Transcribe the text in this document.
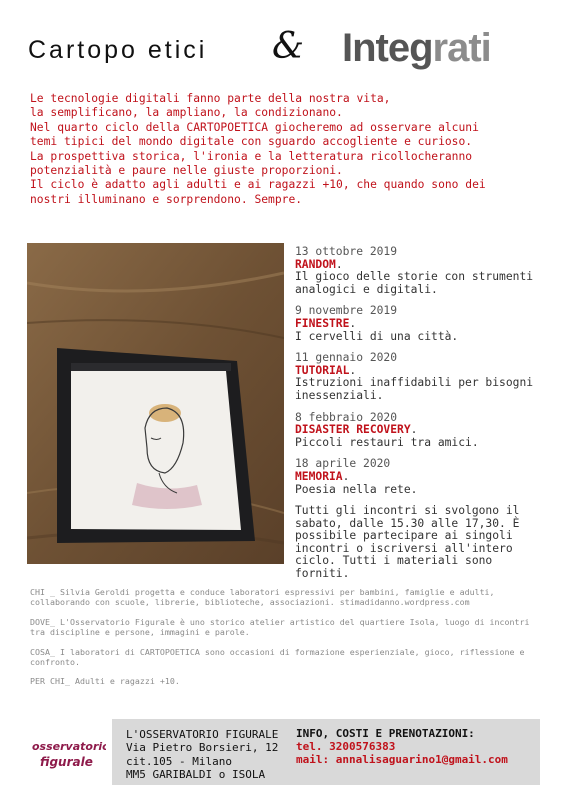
Cartopo etici & Integrati

Le tecnologie digitali fanno parte della nostra vita,

la semplificano, la ampliano, la condizionano.

Nel quarto ciclo della CARTOPOETICA giocheremo ad osservare alcuni

temi tipici del mondo digitale con sguardo accogliente e curioso.

La prospettiva storica, l'ironia e la letteratura ricollocheranno

potenzialità e paure nelle giuste proporzioni.

Il ciclo è adatto agli adulti e ai ragazzi +10, che quando sono dei

nostri illuminano e sorprendono. Sempre.

13 ottobre 2019
RANDOM.
Il gioco delle storie con strumenti analogici e digitali.
9 novembre 2019
FINESTRE.
I cervelli di una città.
11 gennaio 2020
TUTORIAL.
Istruzioni inaffidabili per bisogni inessenziali.
8 febbraio 2020
DISASTER RECOVERY.
Piccoli restauri tra amici.
18 aprile 2020
MEMORIA.
Poesia nella rete.
Tutti gli incontri si svolgono il sabato, dalle 15.30 alle 17,30. È possibile partecipare ai singoli incontri o iscriversi all'intero ciclo. Tutti i materiali sono forniti.

CHI _ Silvia Geroldi progetta e conduce laboratori espressivi per bambini, famiglie e adulti, collaborando con scuole, librerie, biblioteche, associazioni. stimadidanno.wordpress.com

DOVE_ L'Osservatorio Figurale è uno storico atelier artistico del quartiere Isola, luogo di incontri tra discipline e persone, immagini e parole.

COSA_ I laboratori di CARTOPOETICA sono occasioni di formazione esperienziale, gioco, riflessione e confronto.

PER CHI_ Adulti e ragazzi +10.

osservatorio
figurale
L'OSSERVATORIO FIGURALE
Via Pietro Borsieri, 12
cit.105 - Milano
MM5 GARIBALDI o ISOLA
INFO, COSTI E PRENOTAZIONI:
tel. 3200576383
mail: annalisaguarino1@gmail.com
